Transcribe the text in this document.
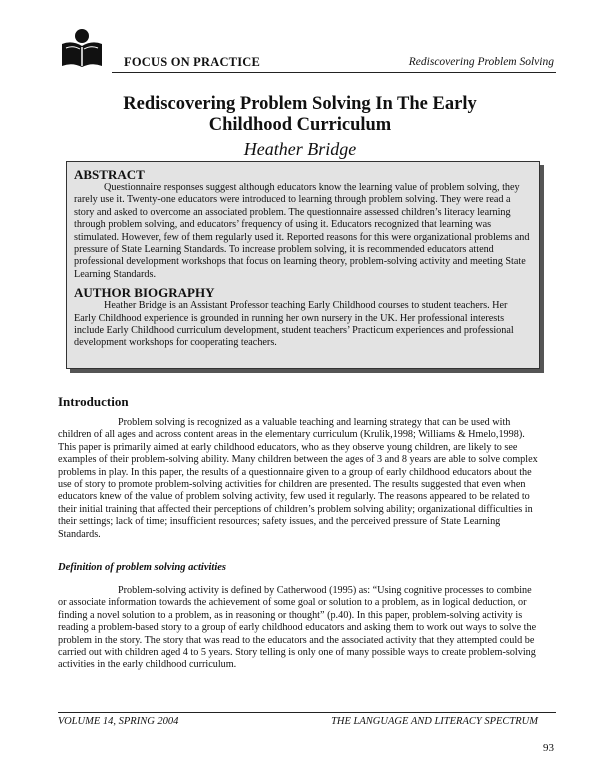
FOCUS ON PRACTICE	Rediscovering Problem Solving
Rediscovering Problem Solving In The Early
Childhood Curriculum
Heather Bridge
ABSTRACT

Questionnaire responses suggest although educators know the learning value of problem solving, they rarely use it. Twenty-one educators were introduced to learning through problem solving. They were read a story and asked to overcome an associated problem. The questionnaire assessed children’s literacy learning through problem solving, and educators’ frequency of using it. Educators recognized that learning was stimulated. However, few of them regularly used it. Reported reasons for this were organizational problems and pressure of State Learning Standards. To increase problem solving, it is recommended educators attend professional development workshops that focus on learning theory, problem-solving activity and meeting State Learning Standards.

AUTHOR BIOGRAPHY

Heather Bridge is an Assistant Professor teaching Early Childhood courses to student teachers. Her Early Childhood experience is grounded in running her own nursery in the UK. Her professional interests include Early Childhood curriculum development, student teachers’ Practicum experiences and professional development workshops for cooperating teachers.

Introduction

Problem solving is recognized as a valuable teaching and learning strategy that can be used with children of all ages and across content areas in the elementary curriculum (Krulik,1998; Williams & Hmelo,1998). This paper is primarily aimed at early childhood educators, who as they observe young children, are likely to see examples of their problem-solving ability. Many children between the ages of 3 and 8 years are able to solve complex problems in play. In this paper, the results of a questionnaire given to a group of early childhood educators about the use of story to promote problem-solving activities for children are presented. The results suggested that even when educators knew of the value of problem solving activity, few used it regularly. The reasons appeared to be related to their initial training that affected their perceptions of children’s problem solving ability; organizational difficulties in their settings; lack of time; insufficient resources; safety issues, and the perceived pressure of State Learning Standards.

Definition of problem solving activities

Problem-solving activity is defined by Catherwood (1995) as: “Using cognitive processes to combine or associate information towards the achievement of some goal or solution to a problem, as in logical deduction, or finding a novel solution to a problem, as in reasoning or thought” (p.40). In this paper, problem-solving activity is reading a problem-based story to a group of early childhood educators and asking them to work out ways to solve the problem in the story. The story that was read to the educators and the associated activity that they attempted could be carried out with children aged 4 to 5 years. Story telling is only one of many possible ways to create problem-solving activities in the early childhood curriculum.

VOLUME 14, SPRING 2004	THE LANGUAGE AND LITERACY SPECTRUM
93
